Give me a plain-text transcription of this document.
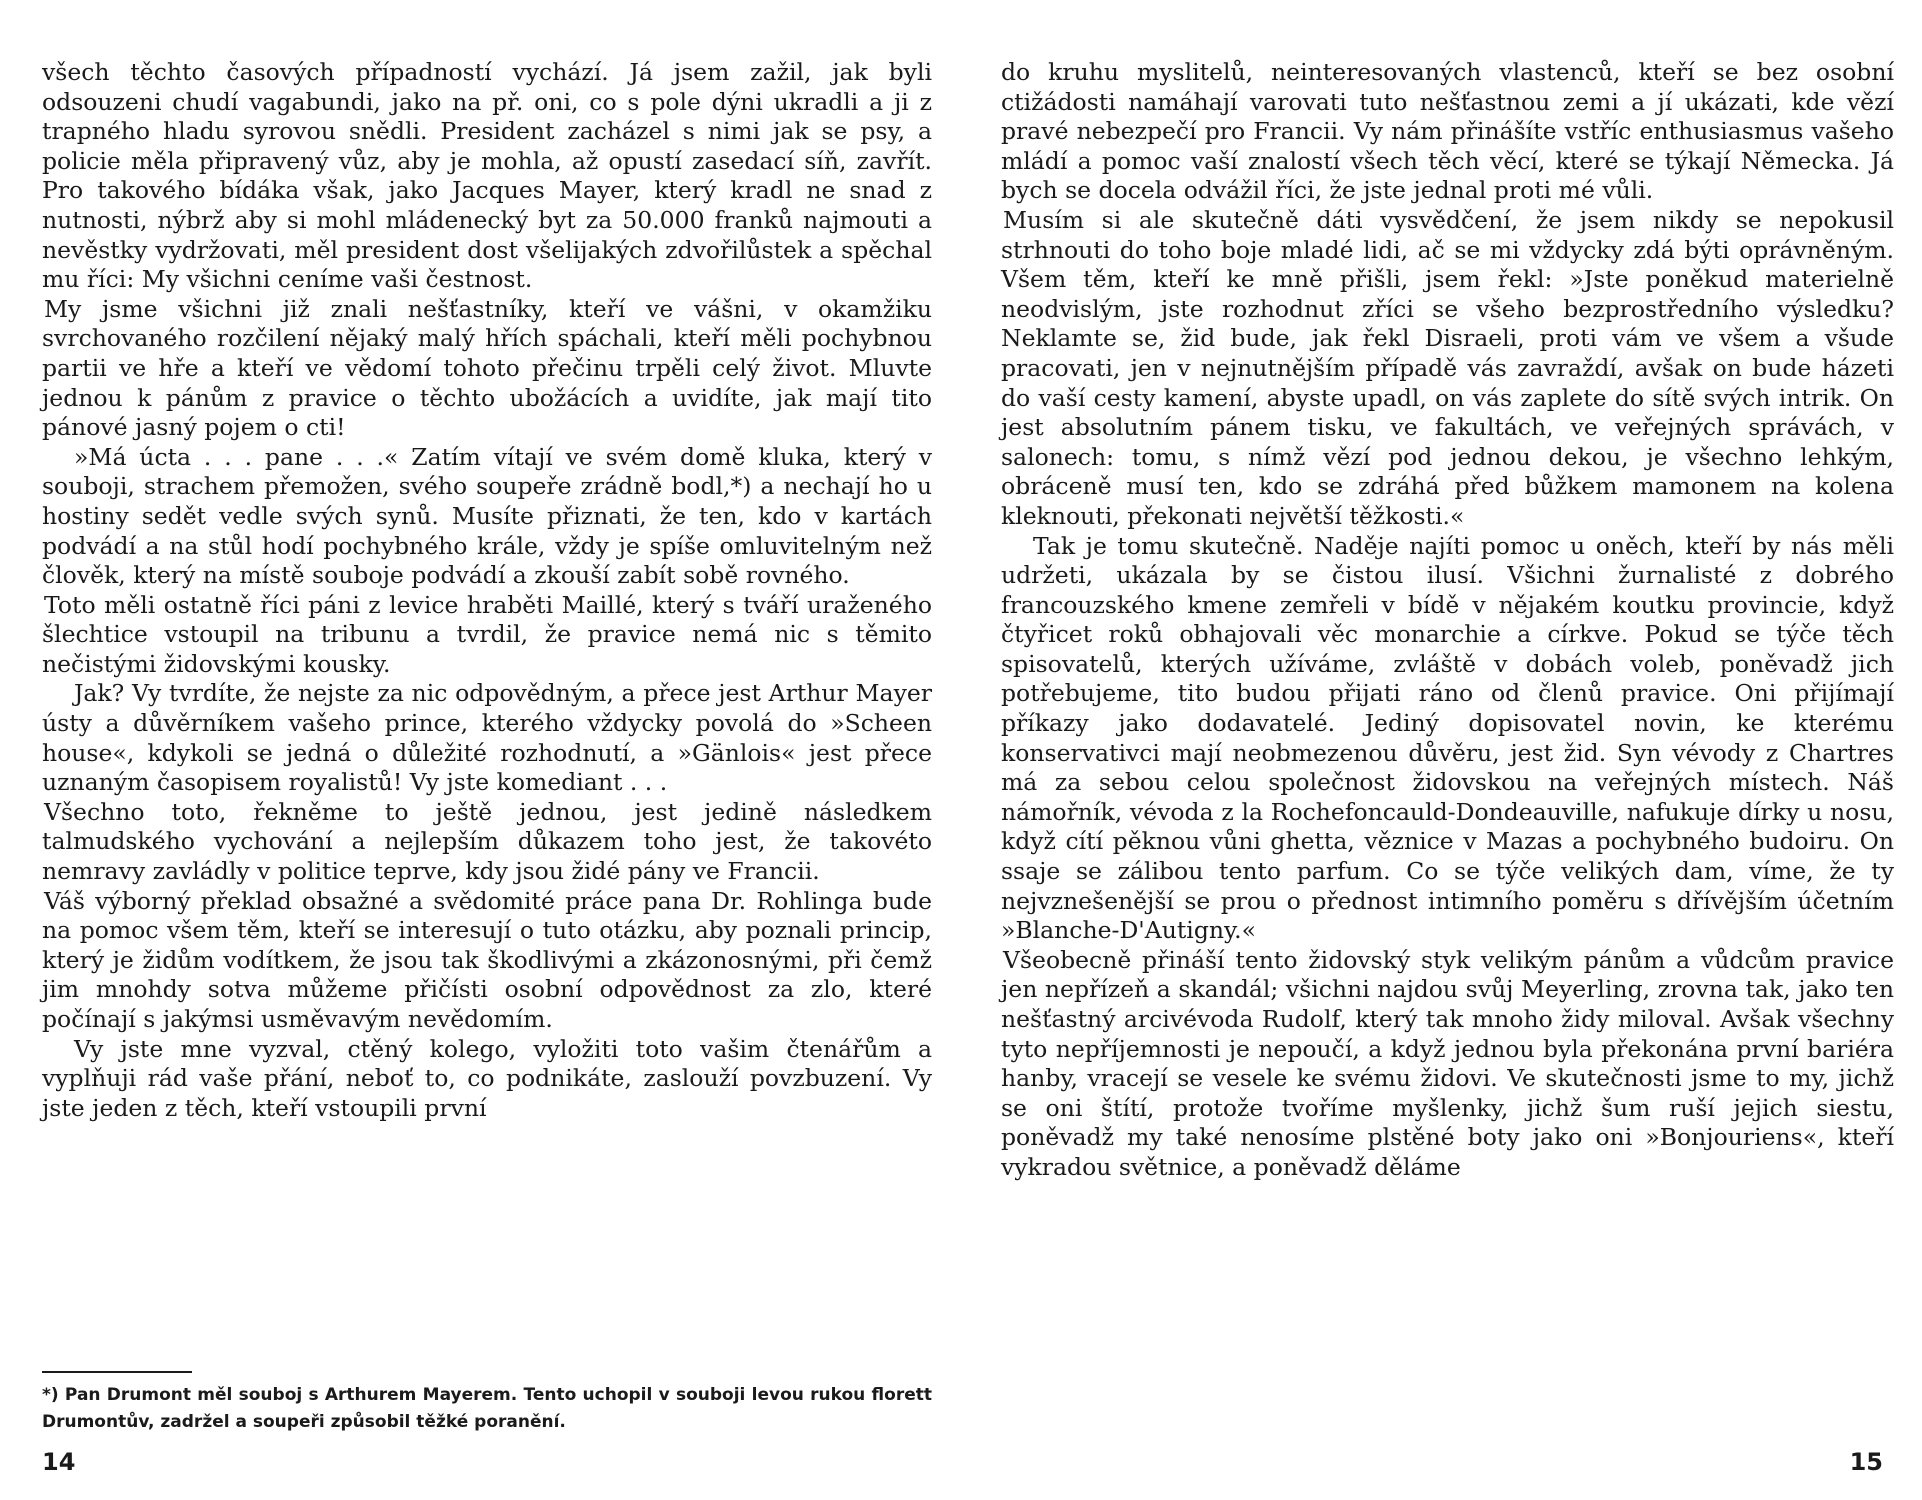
všech těchto časových případností vychází. Já jsem zažil, jak byli odsouzeni chudí vagabundi, jako na př. oni, co s pole dýni ukradli a ji z trapného hladu syrovou snědli. President zacházel s nimi jak se psy, a policie měla připravený vůz, aby je mohla, až opustí zasedací síň, zavřít. Pro takového bídáka však, jako Jacques Mayer, který kradl ne snad z nutnosti, nýbrž aby si mohl mládenecký byt za 50.000 franků najmouti a nevěstky vydržovati, měl president dost všelijakých zdvořilůstek a spěchal mu říci: My všichni ceníme vaši čestnost.

My jsme všichni již znali nešťastníky, kteří ve vášni, v okamžiku svrchovaného rozčilení nějaký malý hřích spáchali, kteří měli pochybnou partii ve hře a kteří ve vědomí tohoto přečinu trpěli celý život. Mluvte jednou k pánům z pravice o těchto ubožácích a uvidíte, jak mají tito pánové jasný pojem o cti!

»Má úcta . . . pane . . .« Zatím vítají ve svém domě kluka, který v souboji, strachem přemožen, svého soupeře zrádně bodl,*) a nechají ho u hostiny sedět vedle svých synů. Musíte přiznati, že ten, kdo v kartách podvádí a na stůl hodí pochybného krále, vždy je spíše omluvitelným než člověk, který na místě souboje podvádí a zkouší zabít sobě rovného.

Toto měli ostatně říci páni z levice hraběti Maillé, který s tváří uraženého šlechtice vstoupil na tribunu a tvrdil, že pravice nemá nic s těmito nečistými židovskými kousky.

Jak? Vy tvrdíte, že nejste za nic odpovědným, a přece jest Arthur Mayer ústy a důvěrníkem vašeho prince, kterého vždycky povolá do »Scheen house«, kdykoli se jedná o důležité rozhodnutí, a »Gänlois« jest přece uznaným časopisem royalistů! Vy jste komediant . . .

Všechno toto, řekněme to ještě jednou, jest jedině následkem talmudského vychování a nejlepším důkazem toho jest, že takovéto nemravy zavládly v politice teprve, kdy jsou židé pány ve Francii.

Váš výborný překlad obsažné a svědomité práce pana Dr. Rohlinga bude na pomoc všem těm, kteří se interesují o tuto otázku, aby poznali princip, který je židům vodítkem, že jsou tak škodlivými a zkázonosnými, při čemž jim mnohdy sotva můžeme přičísti osobní odpovědnost za zlo, které počínají s jakýmsi usměvavým nevědomím.

Vy jste mne vyzval, ctěný kolego, vyložiti toto vašim čtenářům a vyplňuji rád vaše přání, neboť to, co podnikáte, zaslouží povzbuzení. Vy jste jeden z těch, kteří vstoupili první

*) Pan Drumont měl souboj s Arthurem Mayerem. Tento uchopil v souboji levou rukou florett Drumontův, zadržel a soupeři způsobil těžké poranění.
14

do kruhu myslitelů, neinteresovaných vlastenců, kteří se bez osobní ctižádosti namáhají varovati tuto nešťastnou zemi a jí ukázati, kde vězí pravé nebezpečí pro Francii. Vy nám přinášíte vstříc enthusiasmus vašeho mládí a pomoc vaší znalostí všech těch věcí, které se týkají Německa. Já bych se docela odvážil říci, že jste jednal proti mé vůli.

Musím si ale skutečně dáti vysvědčení, že jsem nikdy se nepokusil strhnouti do toho boje mladé lidi, ač se mi vždycky zdá býti oprávněným. Všem těm, kteří ke mně přišli, jsem řekl: »Jste poněkud materielně neodvislým, jste rozhodnut zříci se všeho bezprostředního výsledku? Neklamte se, žid bude, jak řekl Disraeli, proti vám ve všem a všude pracovati, jen v nejnutnějším případě vás zavraždí, avšak on bude házeti do vaší cesty kamení, abyste upadl, on vás zaplete do sítě svých intrik. On jest absolutním pánem tisku, ve fakultách, ve veřejných správách, v salonech: tomu, s nímž vězí pod jednou dekou, je všechno lehkým, obráceně musí ten, kdo se zdráhá před bůžkem mamonem na kolena kleknouti, překonati největší těžkosti.«

Tak je tomu skutečně. Naděje najíti pomoc u oněch, kteří by nás měli udržeti, ukázala by se čistou ilusí. Všichni žurnalisté z dobrého francouzského kmene zemřeli v bídě v nějakém koutku provincie, když čtyřicet roků obhajovali věc monarchie a církve. Pokud se týče těch spisovatelů, kterých užíváme, zvláště v dobách voleb, poněvadž jich potřebujeme, tito budou přijati ráno od členů pravice. Oni přijímají příkazy jako dodavatelé. Jediný dopisovatel novin, ke kterému konservativci mají neobmezenou důvěru, jest žid. Syn vévody z Chartres má za sebou celou společnost židovskou na veřejných místech. Náš námořník, vévoda z la Rochefoncauld-Dondeauville, nafukuje dírky u nosu, když cítí pěknou vůni ghetta, věznice v Mazas a pochybného budoiru. On ssaje se zálibou tento parfum. Co se týče velikých dam, víme, že ty nejvznešenější se prou o přednost intimního poměru s dřívějším účetním »Blanche-D'Autigny.«

Všeobecně přináší tento židovský styk velikým pánům a vůdcům pravice jen nepřízeň a skandál; všichni najdou svůj Meyerling, zrovna tak, jako ten nešťastný arcivévoda Rudolf, který tak mnoho židy miloval. Avšak všechny tyto nepříjemnosti je nepoučí, a když jednou byla překonána první bariéra hanby, vracejí se vesele ke svému židovi. Ve skutečnosti jsme to my, jichž se oni štítí, protože tvoříme myšlenky, jichž šum ruší jejich siestu, poněvadž my také nenosíme plstěné boty jako oni »Bonjouriens«, kteří vykradou světnice, a poněvadž děláme

15
